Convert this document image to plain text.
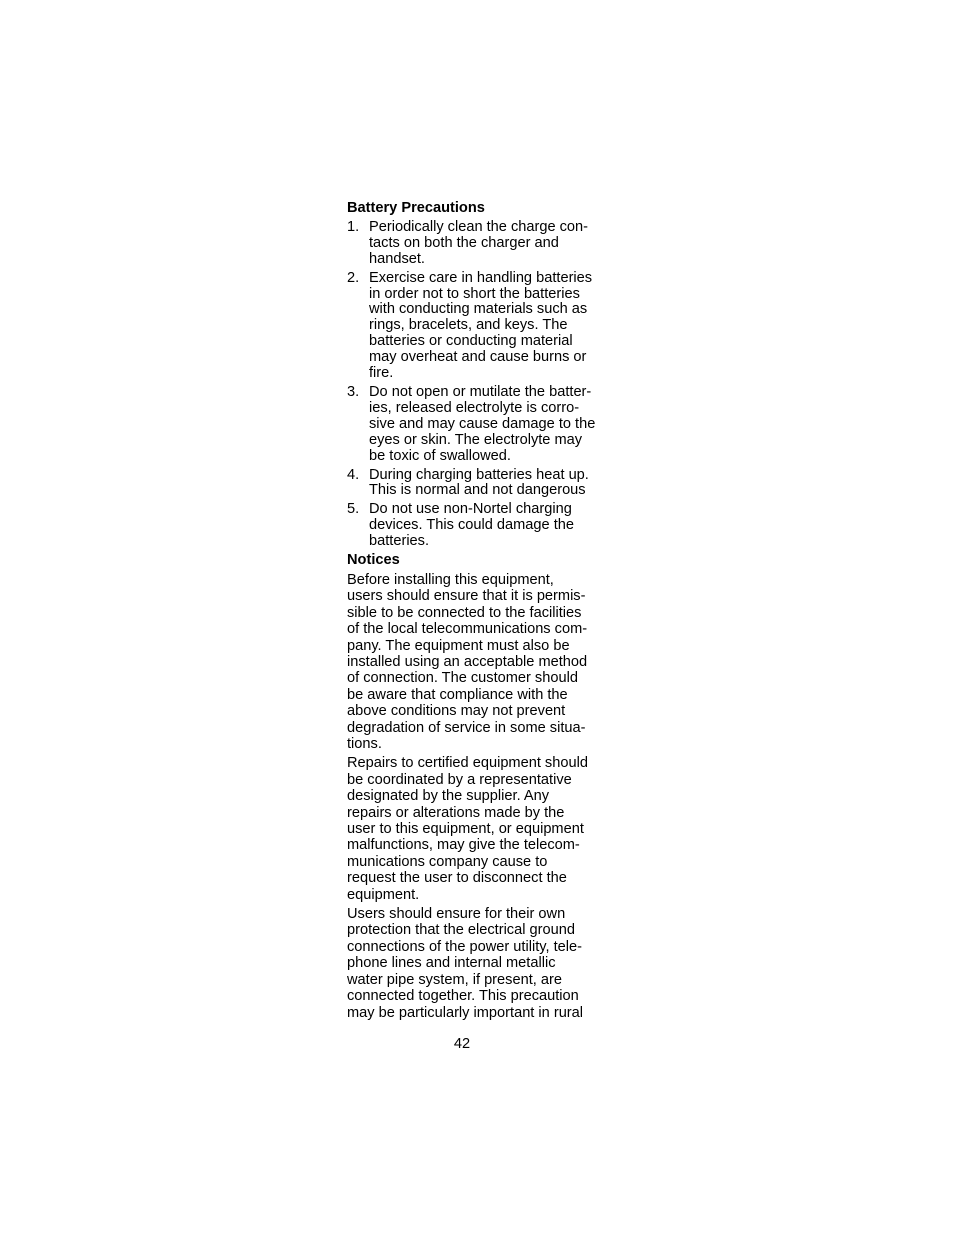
Battery Precautions
1. Periodically clean the charge con-
tacts on both the charger and
handset.
2. Exercise care in handling batteries
in order not to short the batteries
with conducting materials such as
rings, bracelets, and keys. The
batteries or conducting material
may overheat and cause burns or
fire.
3. Do not open or mutilate the batter-
ies, released electrolyte is corro-
sive and may cause damage to the
eyes or skin. The electrolyte may
be toxic of swallowed.
4. During charging batteries heat up.
This is normal and not dangerous
5. Do not use non-Nortel charging
devices. This could damage the
batteries.
Notices

Before installing this equipment,
users should ensure that it is permis-
sible to be connected to the facilities
of the local telecommunications com-
pany. The equipment must also be
installed using an acceptable method
of connection. The customer should
be aware that compliance with the
above conditions may not prevent
degradation of service in some situa-
tions.

Repairs to certified equipment should
be coordinated by a representative
designated by the supplier. Any
repairs or alterations made by the
user to this equipment, or equipment
malfunctions, may give the telecom-
munications company cause to
request the user to disconnect the
equipment.

Users should ensure for their own
protection that the electrical ground
connections of the power utility, tele-
phone lines and internal metallic
water pipe system, if present, are
connected together. This precaution
may be particularly important in rural

42
